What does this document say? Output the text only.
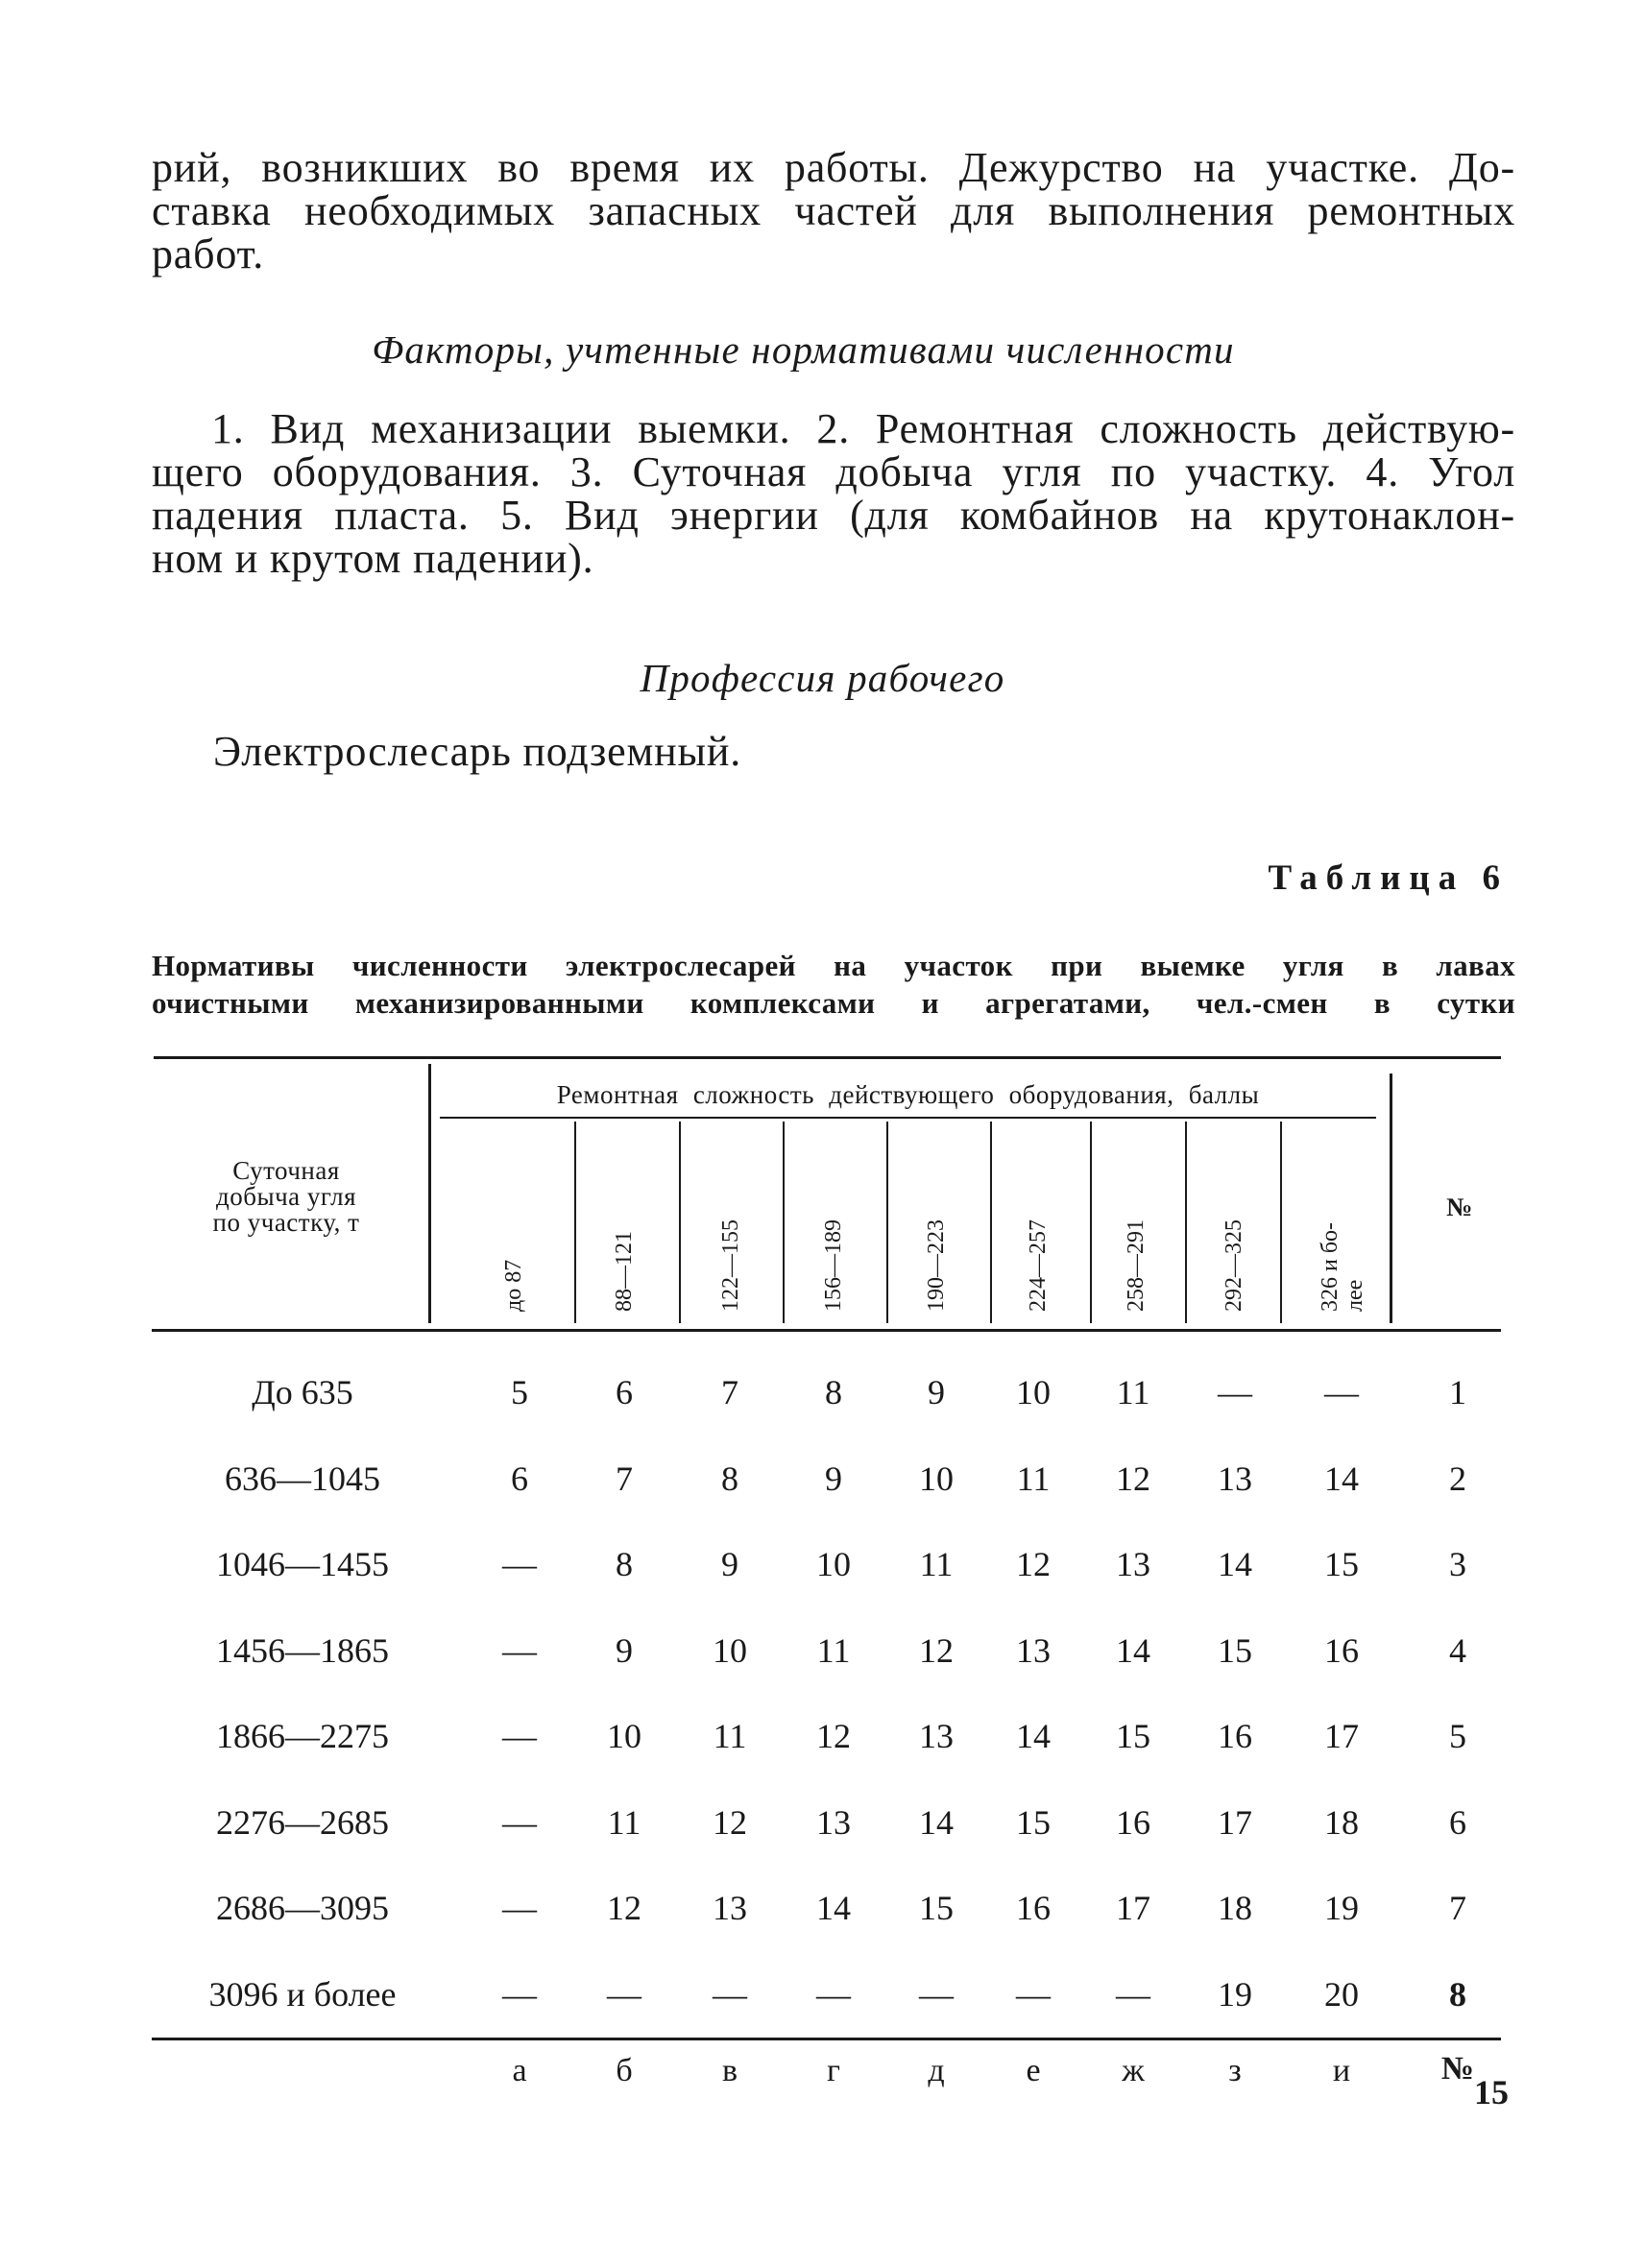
рий, возникших во время их работы. Дежурство на участке. До-
ставка необходимых запасных частей для выполнения ремонтных
работ.
Факторы, учтенные нормативами численности
1. Вид механизации выемки. 2. Ремонтная сложность действую-
щего оборудования. 3. Суточная добыча угля по участку. 4. Угол
падения пласта. 5. Вид энергии (для комбайнов на крутонаклон-
ном и крутом падении).
Профессия рабочего
Электрослесарь подземный.
Таблица 6
Нормативы численности электрослесарей на участок при выемке угля в лавах
очистными механизированными комплексами и агрегатами, чел.-смен в сутки
Суточная
добыча угля
по участку, т
Ремонтная сложность действующего оборудования, баллы
до 87	88—121	122—155	156—189	190—223	224—257	258—291	292—325	326 и бо- лее
№
До 635	5	6	7	8	9	10	11	—	—	1
636—1045	6	7	8	9	10	11	12	13	14	2
1046—1455	—	8	9	10	11	12	13	14	15	3
1456—1865	—	9	10	11	12	13	14	15	16	4
1866—2275	—	10	11	12	13	14	15	16	17	5
2276—2685	—	11	12	13	14	15	16	17	18	6
2686—3095	—	12	13	14	15	16	17	18	19	7
3096 и более	—	—	—	—	—	—	—	19	20	8
а	б	в	г	д	е	ж	з	и	№
15
